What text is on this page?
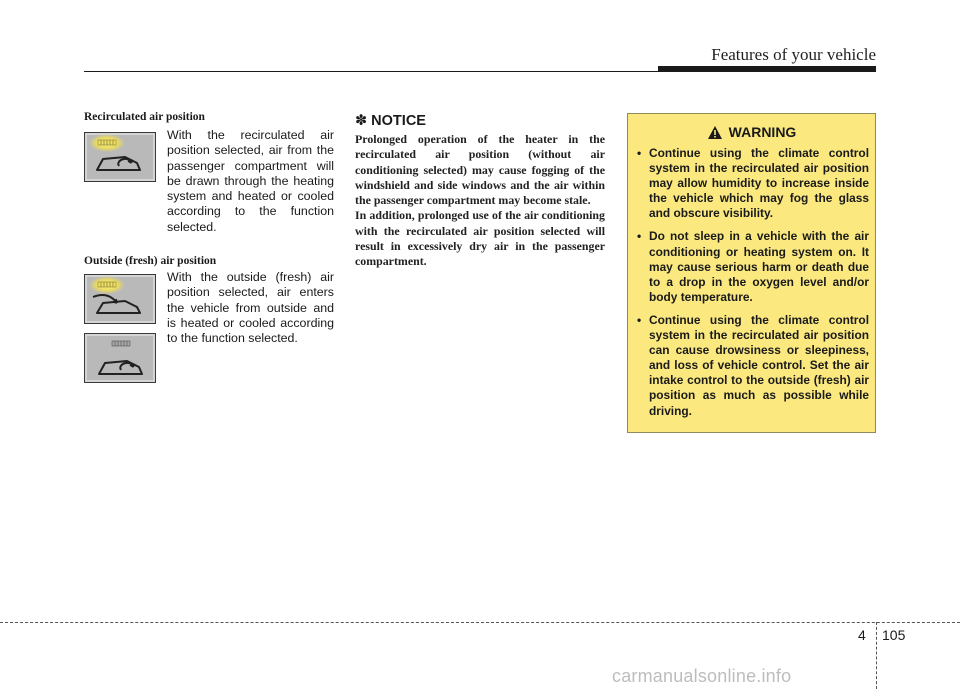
Features of your vehicle
Recirculated air position
With the recirculated air position selected, air from the passenger compartment will be drawn through the heating system and heated or cooled according to the function selected.
Outside (fresh) air position
With the outside (fresh) air position selected, air enters the vehicle from outside and is heated or cooled according to the function selected.
✽ NOTICE
Prolonged operation of the heater in the recirculated air position (without air conditioning selected) may cause fogging of the windshield and side windows and the air within the passenger compartment may become stale.
In addition, prolonged use of the air conditioning with the recirculated air position selected will result in excessively dry air in the passenger compartment.
WARNING
• Continue using the climate control system in the recirculated air position may allow humidity to increase inside the vehicle which may fog the glass and obscure visibility.
• Do not sleep in a vehicle with the air conditioning or heating system on. It may cause serious harm or death due to a drop in the oxygen level and/or body temperature.
• Continue using the climate control system in the recirculated air position can cause drowsiness or sleepiness, and loss of vehicle control. Set the air intake control to the outside (fresh) air position as much as possible while driving.
4 105
carmanualsonline.info
